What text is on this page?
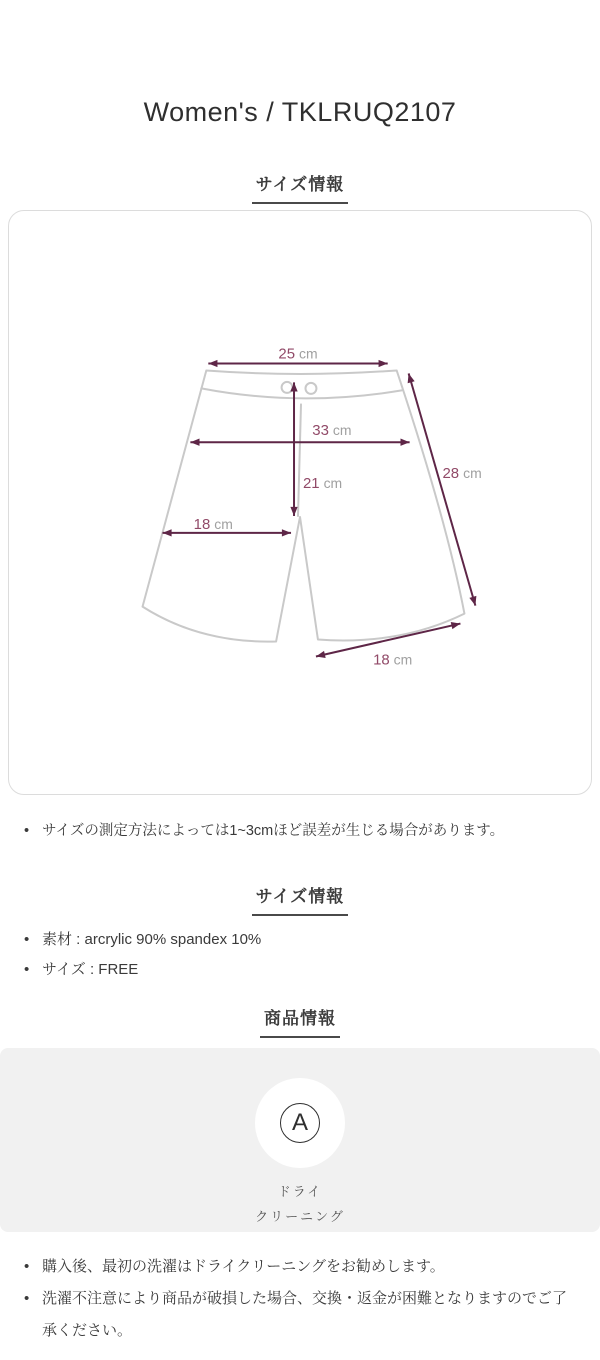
Women's / TKLRUQ2107
サイズ情報
25 cm
33 cm
21 cm
18 cm
28 cm
18 cm
• サイズの測定方法によっては1~3cmほど誤差が生じる場合があります。
サイズ情報
• 素材 : arcrylic 90% spandex 10%
• サイズ : FREE
商品情報
A
ドライ
クリーニング
• 購入後、最初の洗濯はドライクリーニングをお勧めします。
• 洗濯不注意により商品が破損した場合、交換・返金が困難となりますのでご了承ください。
